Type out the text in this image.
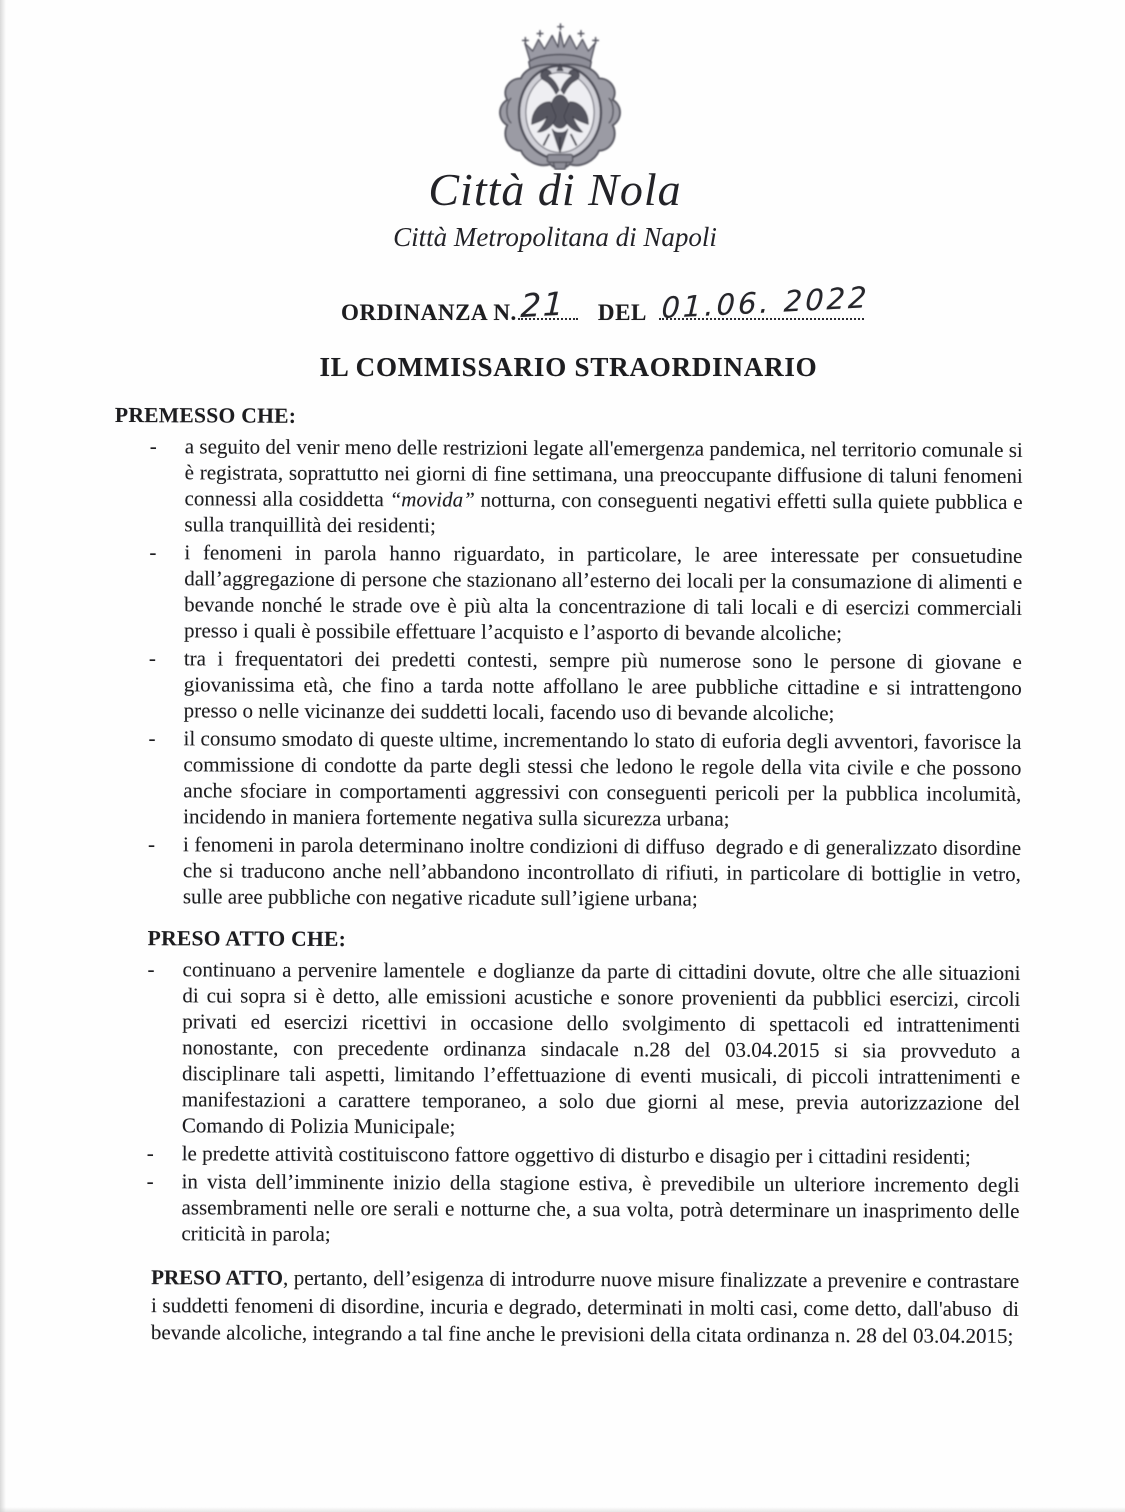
Città di Nola
Città Metropolitana di Napoli
ORDINANZA N. 21 DEL 01.06. 2022
IL COMMISSARIO STRAORDINARIO
PREMESSO CHE:
-	a seguito del venir meno delle restrizioni legate all'emergenza pandemica, nel territorio comunale si è registrata, soprattutto nei giorni di fine settimana, una preoccupante diffusione di taluni fenomeni connessi alla cosiddetta “movida” notturna, con conseguenti negativi effetti sulla quiete pubblica e sulla tranquillità dei residenti;
-	i fenomeni in parola hanno riguardato, in particolare, le aree interessate per consuetudine dall’aggregazione di persone che stazionano all’esterno dei locali per la consumazione di alimenti e bevande nonché le strade ove è più alta la concentrazione di tali locali e di esercizi commerciali presso i quali è possibile effettuare l’acquisto e l’asporto di bevande alcoliche;
-	tra i frequentatori dei predetti contesti, sempre più numerose sono le persone di giovane e giovanissima età, che fino a tarda notte affollano le aree pubbliche cittadine e si intrattengono presso o nelle vicinanze dei suddetti locali, facendo uso di bevande alcoliche;
-	il consumo smodato di queste ultime, incrementando lo stato di euforia degli avventori, favorisce la commissione di condotte da parte degli stessi che ledono le regole della vita civile e che possono anche sfociare in comportamenti aggressivi con conseguenti pericoli per la pubblica incolumità, incidendo in maniera fortemente negativa sulla sicurezza urbana;
-	i fenomeni in parola determinano inoltre condizioni di diffuso  degrado e di generalizzato disordine che si traducono anche nell’abbandono incontrollato di rifiuti, in particolare di bottiglie in vetro, sulle aree pubbliche con negative ricadute sull’igiene urbana;
PRESO ATTO CHE:
-	continuano a pervenire lamentele  e doglianze da parte di cittadini dovute, oltre che alle situazioni di cui sopra si è detto, alle emissioni acustiche e sonore provenienti da pubblici esercizi, circoli privati ed esercizi ricettivi in occasione dello svolgimento di spettacoli ed intrattenimenti nonostante, con precedente ordinanza sindacale n.28 del 03.04.2015 si sia provveduto a disciplinare tali aspetti, limitando l’effettuazione di eventi musicali, di piccoli intrattenimenti e manifestazioni a carattere temporaneo, a solo due giorni al mese, previa autorizzazione del Comando di Polizia Municipale;
-	le predette attività costituiscono fattore oggettivo di disturbo e disagio per i cittadini residenti;
-	in vista dell’imminente inizio della stagione estiva, è prevedibile un ulteriore incremento degli assembramenti nelle ore serali e notturne che, a sua volta, potrà determinare un inasprimento delle criticità in parola;

PRESO ATTO, pertanto, dell’esigenza di introdurre nuove misure finalizzate a prevenire e contrastare i suddetti fenomeni di disordine, incuria e degrado, determinati in molti casi, come detto, dall'abuso  di bevande alcoliche, integrando a tal fine anche le previsioni della citata ordinanza n. 28 del 03.04.2015;
